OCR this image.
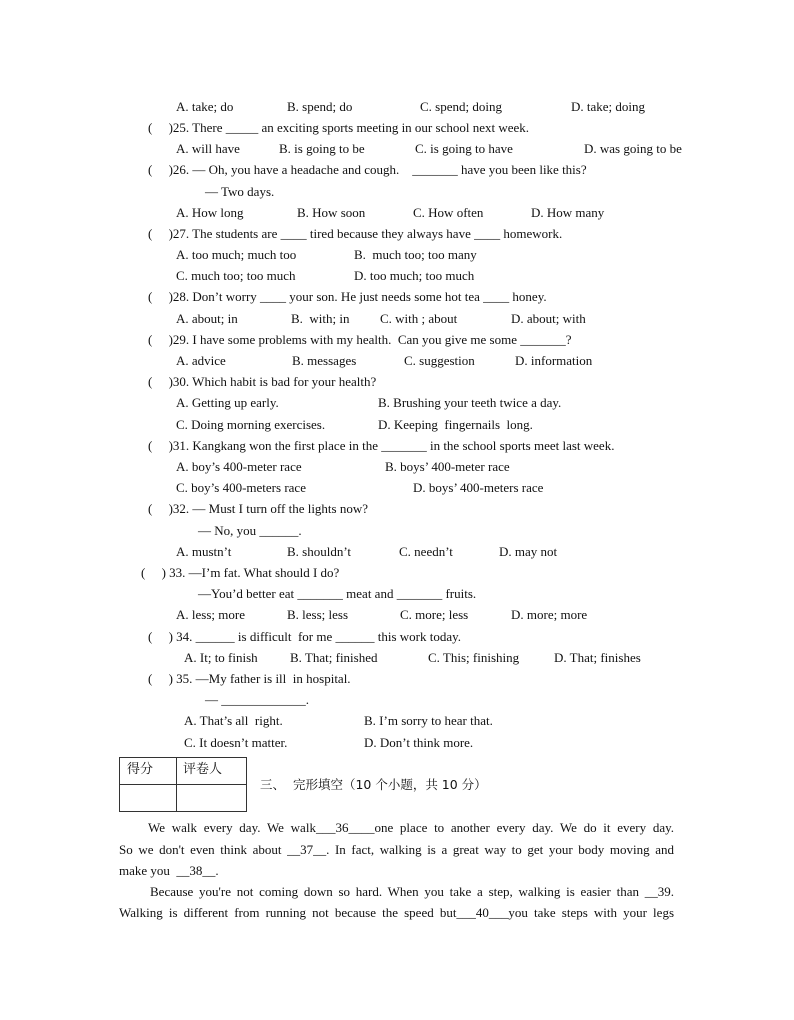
A. take; do	B. spend; do	C. spend; doing	D. take; doing
(     )25. There _____ an exciting sports meeting in our school next week.
A. will have	B. is going to be	C. is going to have	D. was going to be
(     )26. — Oh, you have a headache and cough.    _______ have you been like this?
— Two days.
A. How long	B. How soon	C. How often	D. How many
(     )27. The students are ____ tired because they always have ____ homework.
A. too much; much too	B.  much too; too many
C. much too; too much	D. too much; too much
(     )28. Don’t worry ____ your son. He just needs some hot tea ____ honey.
A. about; in	B.  with; in C. with ; about	D. about; with
(     )29. I have some problems with my health.  Can you give me some _______?
A. advice	B. messages	C. suggestion	D. information
(     )30. Which habit is bad for your health?
A. Getting up early.	B. Brushing your teeth twice a day.
C. Doing morning exercises.	D. Keeping  fingernails  long.
(     )31. Kangkang won the first place in the _______ in the school sports meet last week.
A. boy’s 400-meter race	B. boys’ 400-meter race
C. boy’s 400-meters race	D. boys’ 400-meters race
(     )32. — Must I turn off the lights now?
— No, you ______.
A. mustn’t	B. shouldn’t	C. needn’t	D. may not
(     ) 33. —I’m fat. What should I do?
—You’d better eat _______ meat and _______ fruits.
A. less; more	B. less; less	C. more; less	D. more; more
(     ) 34. ______ is difficult  for me ______ this work today.
A. It; to finish B. That; finished	C. This; finishing	D. That; finishes
(     ) 35. —My father is ill  in hospital.
— _____________.
A. That’s all  right.	B. I’m sorry to hear that.
C. It doesn’t matter.	D. Don’t think more.
得分 评卷人
三、  完形填空（10 个小题，共 10 分）
We walk every day. We walk___36____one place to another every day. We do it every day.
So we don't even think about __37__. In fact, walking is a great way to get your body moving and
make you  __38__.
Because you're not coming down so hard. When you take a step, walking is easier than __39.
Walking is different from running not because the speed but___40___you take steps with your legs
